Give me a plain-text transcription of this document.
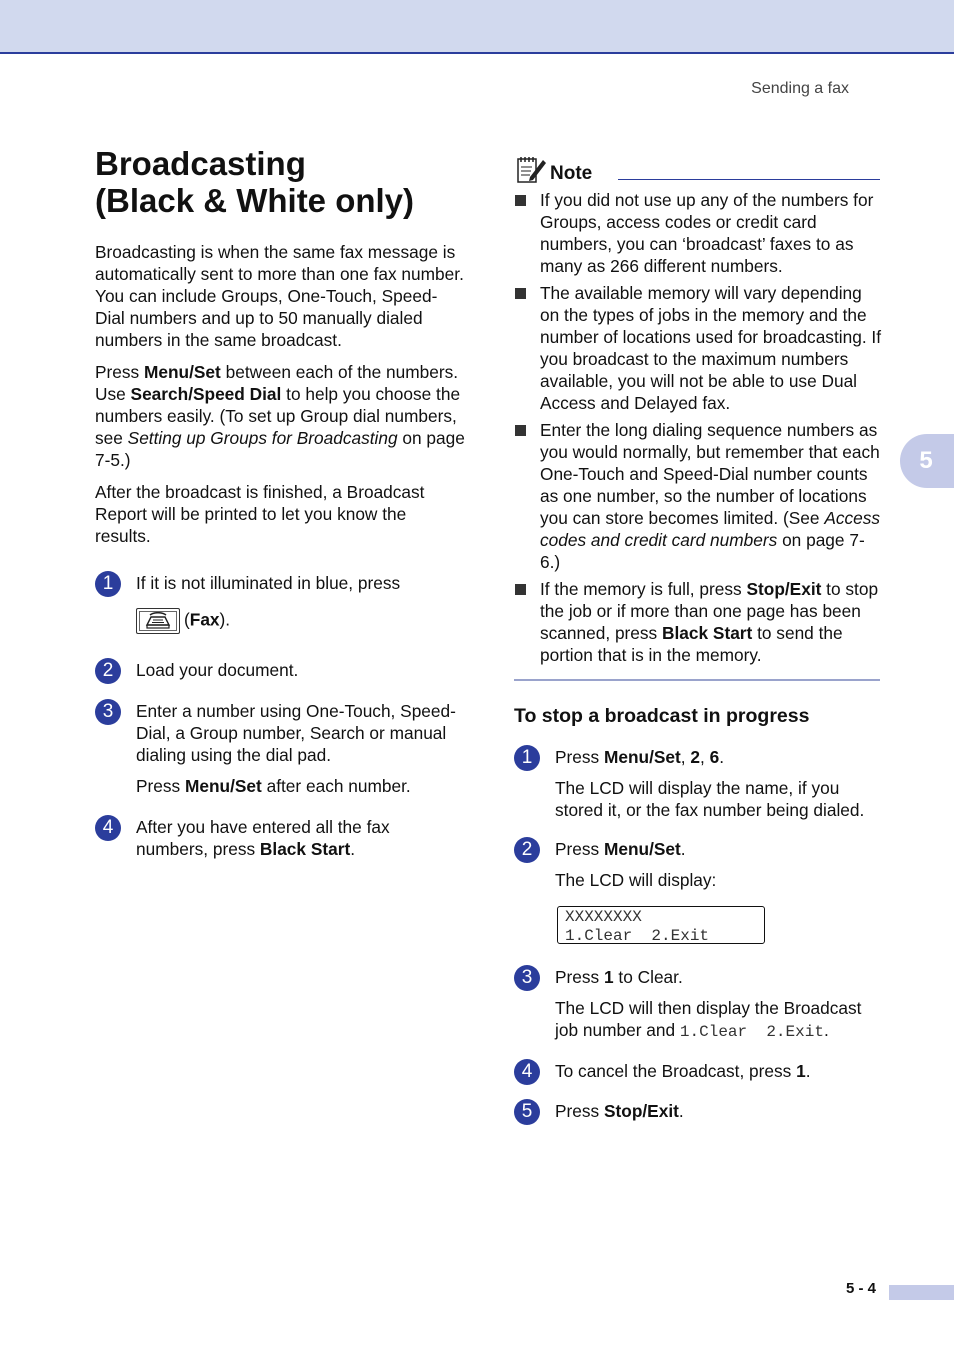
Sending a fax
5
Broadcasting
(Black & White only)

Broadcasting is when the same fax message is automatically sent to more than one fax number. You can include Groups, One-Touch, Speed-Dial numbers and up to 50 manually dialed numbers in the same broadcast.

Press Menu/Set between each of the numbers. Use Search/Speed Dial to help you choose the numbers easily. (To set up Group dial numbers, see Setting up Groups for Broadcasting on page 7-5.)

After the broadcast is finished, a Broadcast Report will be printed to let you know the results.

1	If it is not illuminated in blue, press

(Fax).

2	Load your document.

3	Enter a number using One-Touch, Speed-Dial, a Group number, Search or manual dialing using the dial pad.

Press Menu/Set after each number.

4	After you have entered all the fax numbers, press Black Start.

Note

If you did not use up any of the numbers for Groups, access codes or credit card numbers, you can ‘broadcast’ faxes to as many as 266 different numbers.

The available memory will vary depending on the types of jobs in the memory and the number of locations used for broadcasting. If you broadcast to the maximum numbers available, you will not be able to use Dual Access and Delayed fax.

Enter the long dialing sequence numbers as you would normally, but remember that each One-Touch and Speed-Dial number counts as one number, so the number of locations you can store becomes limited. (See Access codes and credit card numbers on page 7-6.)

If the memory is full, press Stop/Exit to stop the job or if more than one page has been scanned, press Black Start to send the portion that is in the memory.

To stop a broadcast in progress
1	Press Menu/Set, 2, 6.

The LCD will display the name, if you stored it, or the fax number being dialed.

2	Press Menu/Set.

The LCD will display:

XXXXXXXX
1.Clear  2.Exit
3	Press 1 to Clear.

The LCD will then display the Broadcast job number and 1.Clear  2.Exit.

4	To cancel the Broadcast, press 1.

5	Press Stop/Exit.

5 - 4
